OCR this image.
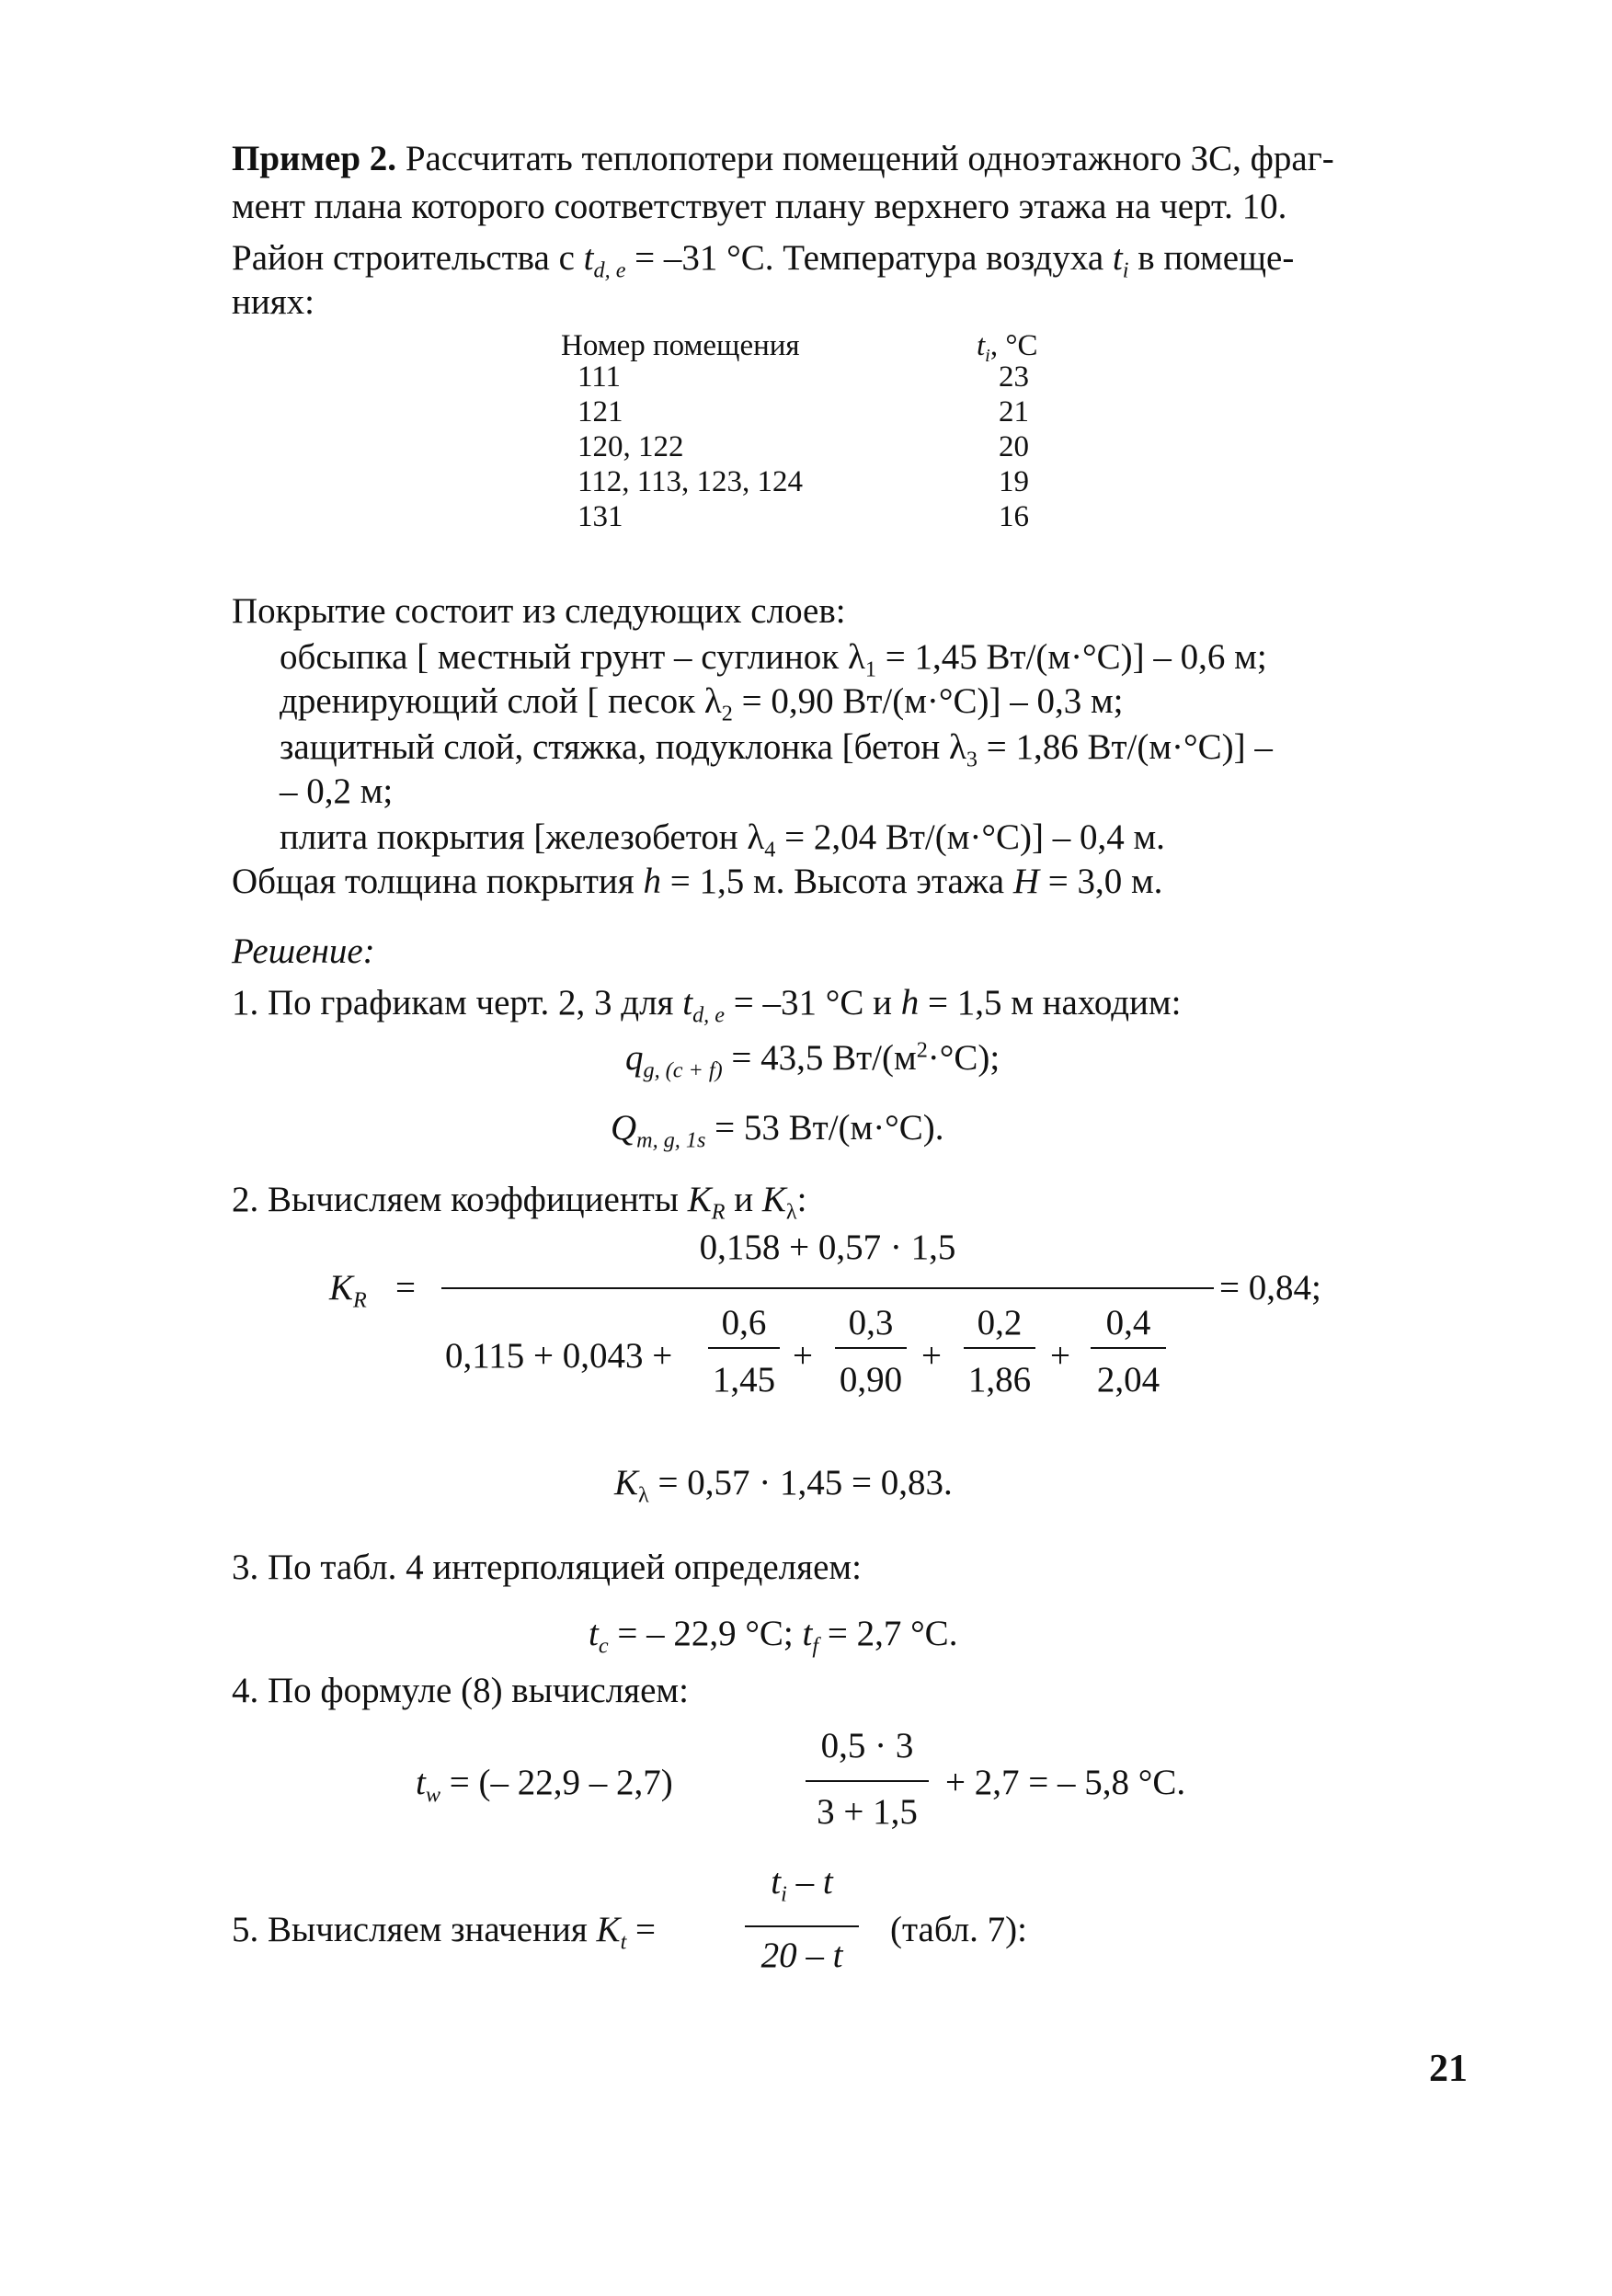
Пример 2. Рассчитать теплопотери помещений одноэтажного ЗС, фраг-
мент плана которого соответствует плану верхнего этажа на черт. 10.
Район строительства с $t_{d, e} = -31$ °С. Температура воздуха $t_i$ в помеще-
ниях:
Номер помещения	$t_i$, °С
111	23
121	21
120, 122	20
112, 113, 123, 124	19
131	16
Покрытие состоит из следующих слоев:
обсыпка [ местный грунт – суглинок $\lambda_1 = 1,45$ Вт/(м·°С)] – 0,6 м;
дренирующий слой [ песок $\lambda_2 = 0,90$ Вт/(м·°С)] – 0,3 м;
защитный слой, стяжка, подуклонка [бетон $\lambda_3 = 1,86$ Вт/(м·°С)] –
– 0,2 м;
плита покрытия [железобетон $\lambda_4 = 2,04$ Вт/(м·°С)] – 0,4 м.
Общая толщина покрытия h = 1,5 м. Высота этажа H = 3,0 м.
Решение:
1. По графикам черт. 2, 3 для $t_{d, e} = -31$ °С и h = 1,5 м находим:
$q_{g, (c + f)} = 43,5$ $Вт/(м^2\cdot^\circ С)$;
$Q_{m, g, 1s} = 53$ Вт/(м·°С).
2. Вычисляем коэффициенты $K_R$ и $K_\lambda$:
$K_R$ =
0,158 + 0,57 · 1,5
= 0,84;
0,115 + 0,043 +
0,6
1,45
+
0,3
0,90
+
0,2
1,86
+
0,4
2,04
$K_\lambda = 0,57 \cdot 1,45 = 0,83$.
3. По табл. 4 интерполяцией определяем:
$t_c$ = – 22,9 °С; $t_f = 2,7$ °С.
4. По формуле (8) вычисляем:
$t_w$ = (– 22,9 – 2,7)
0,5 · 3
3 + 1,5
+ 2,7 = – 5,8 °С.
5. Вычисляем значения $K_t$ =
$t_i$ – t
20 – t
(табл. 7):
21
